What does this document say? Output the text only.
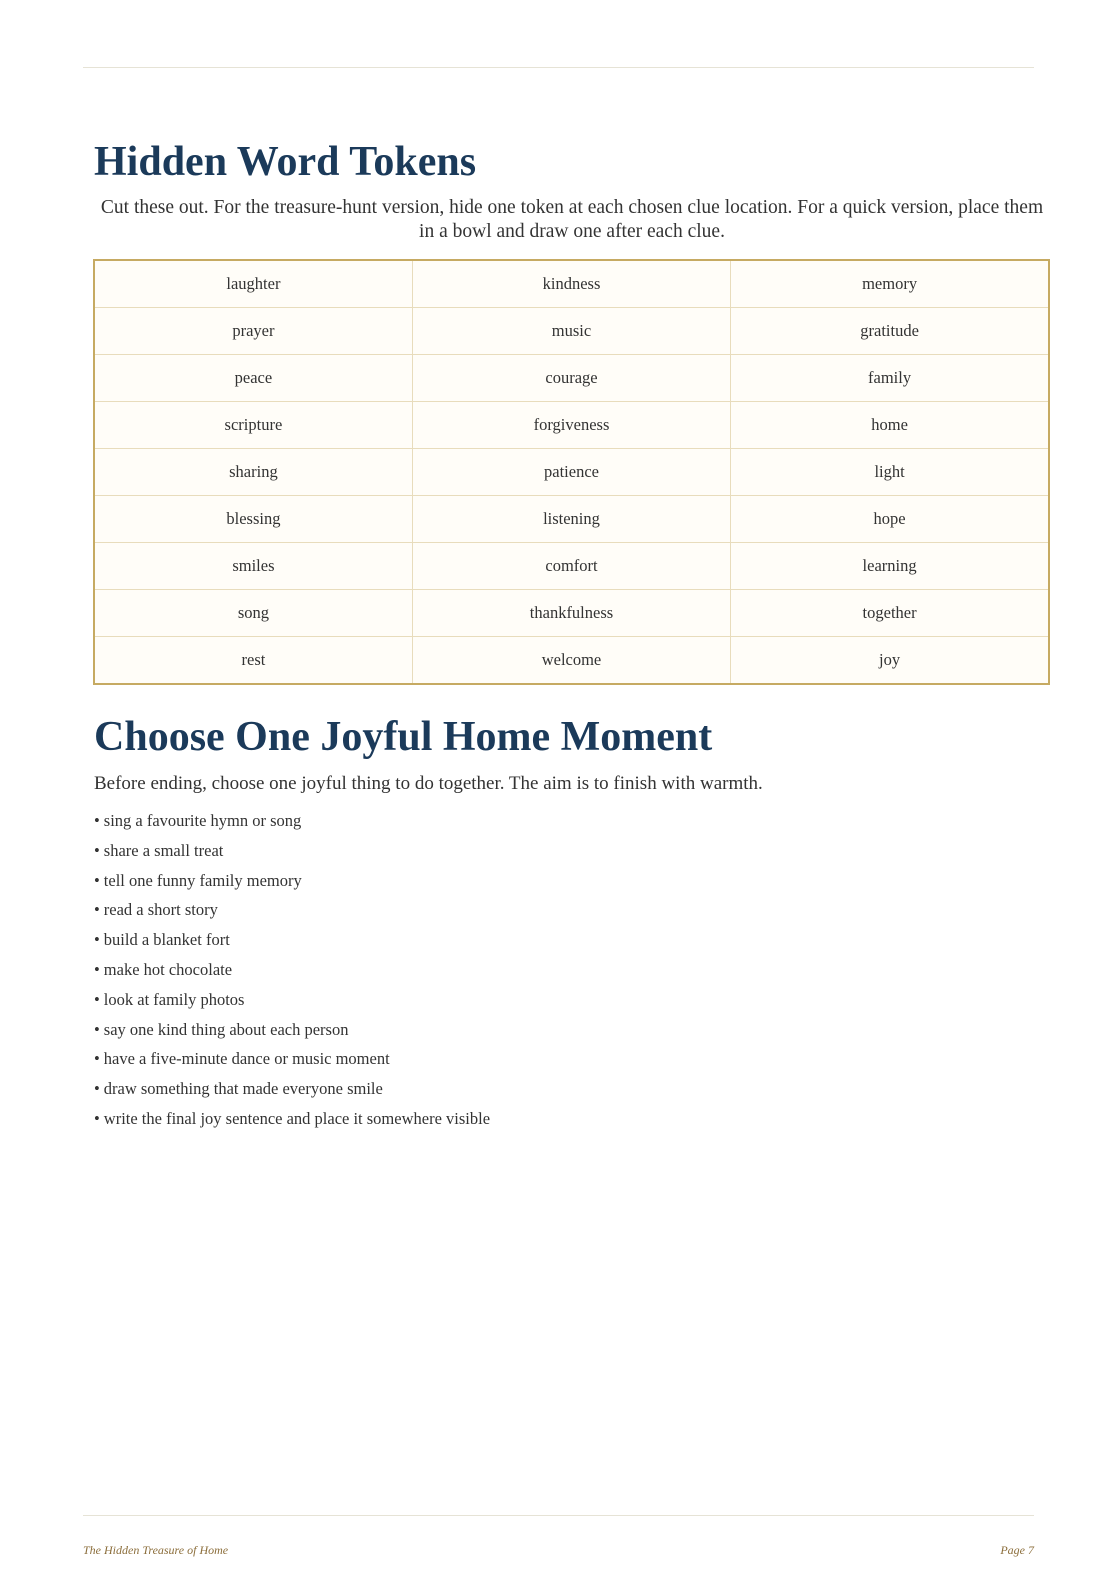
Hidden Word Tokens

Cut these out. For the treasure-hunt version, hide one token at each chosen clue location. For a quick version, place them in a bowl and draw one after each clue.

laughter	kindness	memory
prayer	music	gratitude
peace	courage	family
scripture	forgiveness	home
sharing	patience	light
blessing	listening	hope
smiles	comfort	learning
song	thankfulness	together
rest	welcome	joy
Choose One Joyful Home Moment

Before ending, choose one joyful thing to do together. The aim is to finish with warmth.

• sing a favourite hymn or song
• share a small treat
• tell one funny family memory
• read a short story
• build a blanket fort
• make hot chocolate
• look at family photos
• say one kind thing about each person
• have a five-minute dance or music moment
• draw something that made everyone smile
• write the final joy sentence and place it somewhere visible
The Hidden Treasure of Home	Page 7
